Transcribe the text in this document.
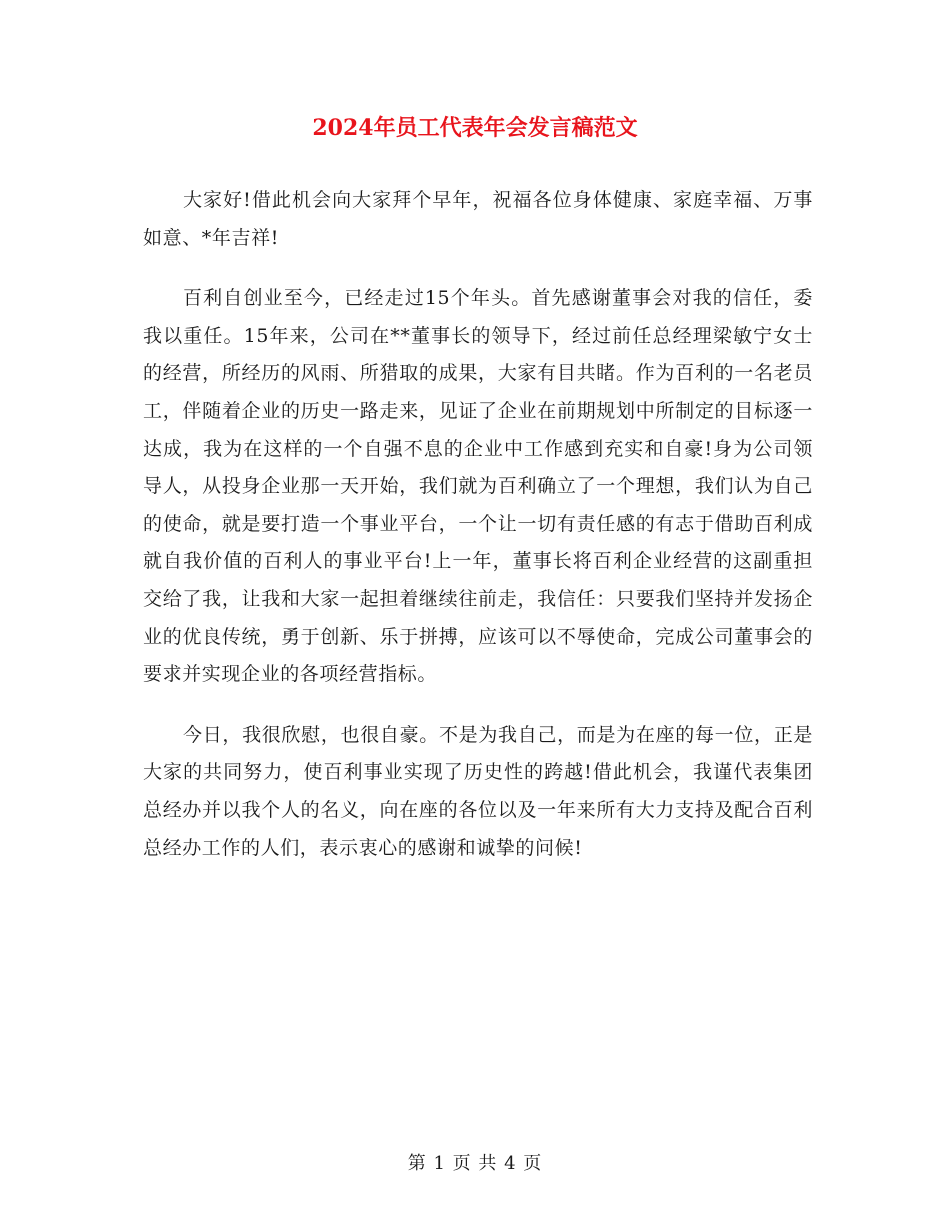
2024年员工代表年会发言稿范文

大家好!借此机会向大家拜个早年，祝福各位身体健康、家庭幸福、万事如意、*年吉祥!

百利自创业至今，已经走过15个年头。首先感谢董事会对我的信任，委我以重任。15年来，公司在**董事长的领导下，经过前任总经理梁敏宁女士的经营，所经历的风雨、所猎取的成果，大家有目共睹。作为百利的一名老员工，伴随着企业的历史一路走来，见证了企业在前期规划中所制定的目标逐一达成，我为在这样的一个自强不息的企业中工作感到充实和自豪!身为公司领导人，从投身企业那一天开始，我们就为百利确立了一个理想，我们认为自己的使命，就是要打造一个事业平台，一个让一切有责任感的有志于借助百利成就自我价值的百利人的事业平台!上一年，董事长将百利企业经营的这副重担交给了我，让我和大家一起担着继续往前走，我信任：只要我们坚持并发扬企业的优良传统，勇于创新、乐于拼搏，应该可以不辱使命，完成公司董事会的要求并实现企业的各项经营指标。

今日，我很欣慰，也很自豪。不是为我自己，而是为在座的每一位，正是大家的共同努力，使百利事业实现了历史性的跨越!借此机会，我谨代表集团总经办并以我个人的名义，向在座的各位以及一年来所有大力支持及配合百利总经办工作的人们，表示衷心的感谢和诚挚的问候!

第 1 页 共 4 页
